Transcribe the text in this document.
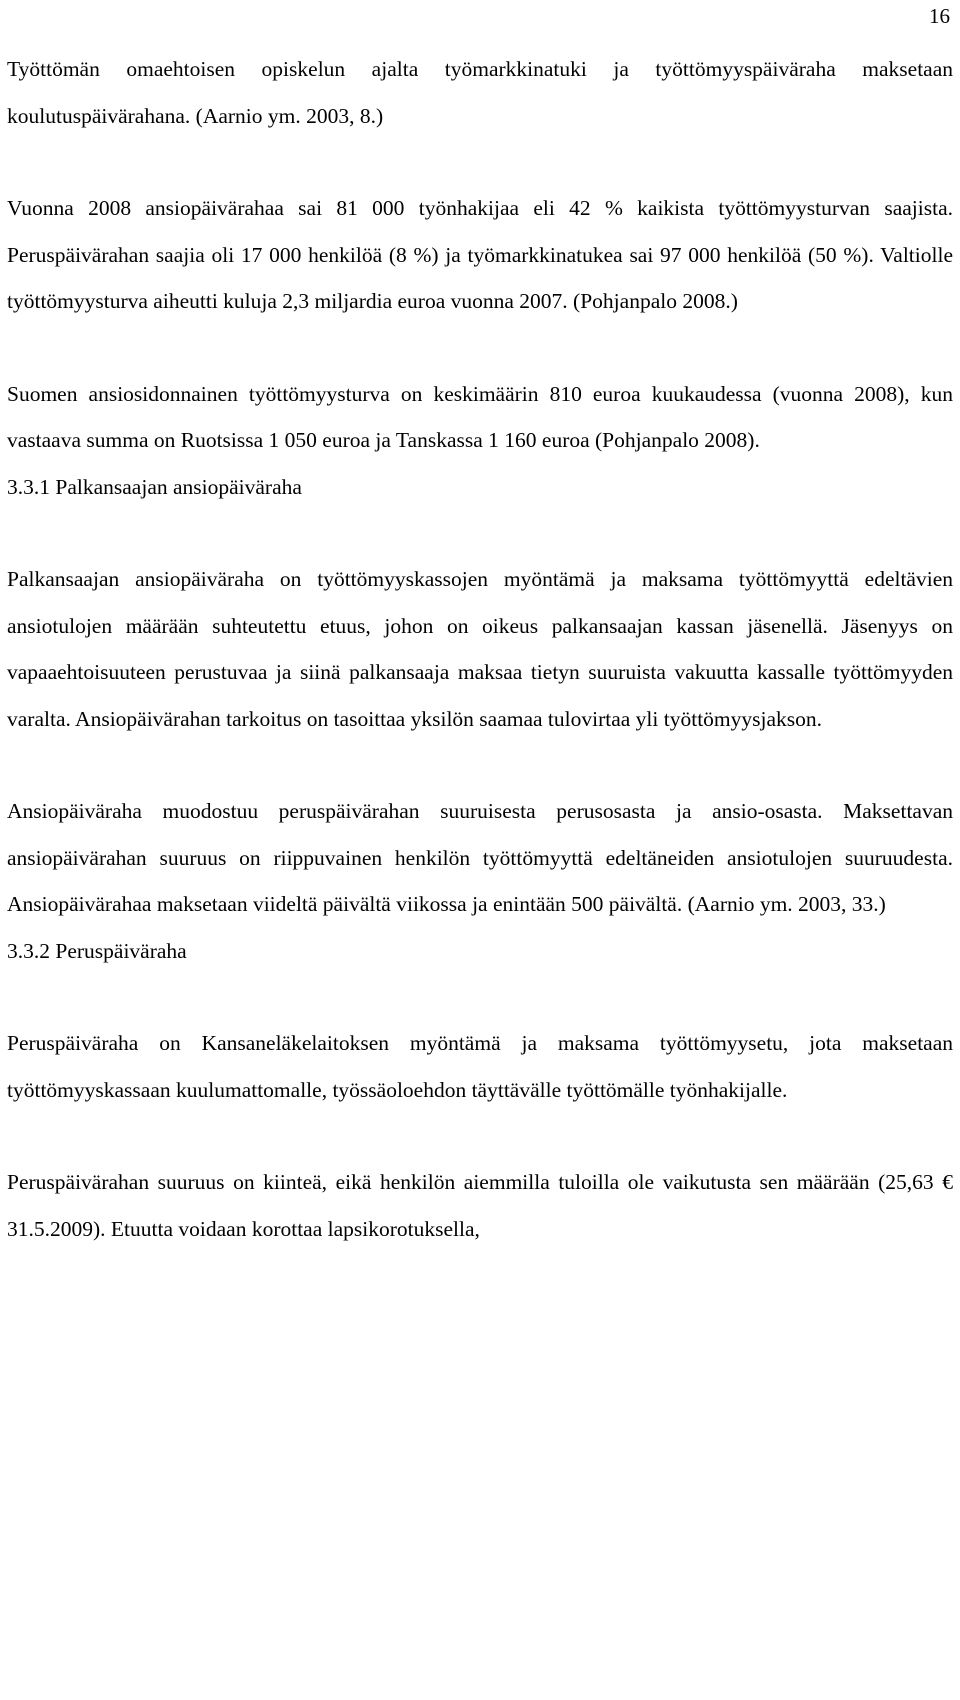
16

Työttömän omaehtoisen opiskelun ajalta työmarkkinatuki ja työttömyyspäiväraha maksetaan koulutuspäivärahana. (Aarnio ym. 2003, 8.)

Vuonna 2008 ansiopäivärahaa sai 81 000 työnhakijaa eli 42 % kaikista työttömyysturvan saajista. Peruspäivärahan saajia oli 17 000 henkilöä (8 %) ja työmarkkinatukea sai 97 000 henkilöä (50 %). Valtiolle työttömyysturva aiheutti kuluja 2,3 miljardia euroa vuonna 2007. (Pohjanpalo 2008.)

Suomen ansiosidonnainen työttömyysturva on keskimäärin 810 euroa kuukaudessa (vuonna 2008), kun vastaava summa on Ruotsissa 1 050 euroa ja Tanskassa 1 160 euroa (Pohjanpalo 2008).

3.3.1 Palkansaajan ansiopäiväraha

Palkansaajan ansiopäiväraha on työttömyyskassojen myöntämä ja maksama työttömyyttä edeltävien ansiotulojen määrään suhteutettu etuus, johon on oikeus palkansaajan kassan jäsenellä. Jäsenyys on vapaaehtoisuuteen perustuvaa ja siinä palkansaaja maksaa tietyn suuruista vakuutta kassalle työttömyyden varalta. Ansiopäivärahan tarkoitus on tasoittaa yksilön saamaa tulovirtaa yli työttömyysjakson.

Ansiopäiväraha muodostuu peruspäivärahan suuruisesta perusosasta ja ansio-osasta. Maksettavan ansiopäivärahan suuruus on riippuvainen henkilön työttömyyttä edeltäneiden ansiotulojen suuruudesta. Ansiopäivärahaa maksetaan viideltä päivältä viikossa ja enintään 500 päivältä. (Aarnio ym. 2003, 33.)

3.3.2 Peruspäiväraha

Peruspäiväraha on Kansaneläkelaitoksen myöntämä ja maksama työttömyysetu, jota maksetaan työttömyyskassaan kuulumattomalle, työssäoloehdon täyttävälle työttömälle työnhakijalle.

Peruspäivärahan suuruus on kiinteä, eikä henkilön aiemmilla tuloilla ole vaikutusta sen määrään (25,63 € 31.5.2009). Etuutta voidaan korottaa lapsikorotuksella,
